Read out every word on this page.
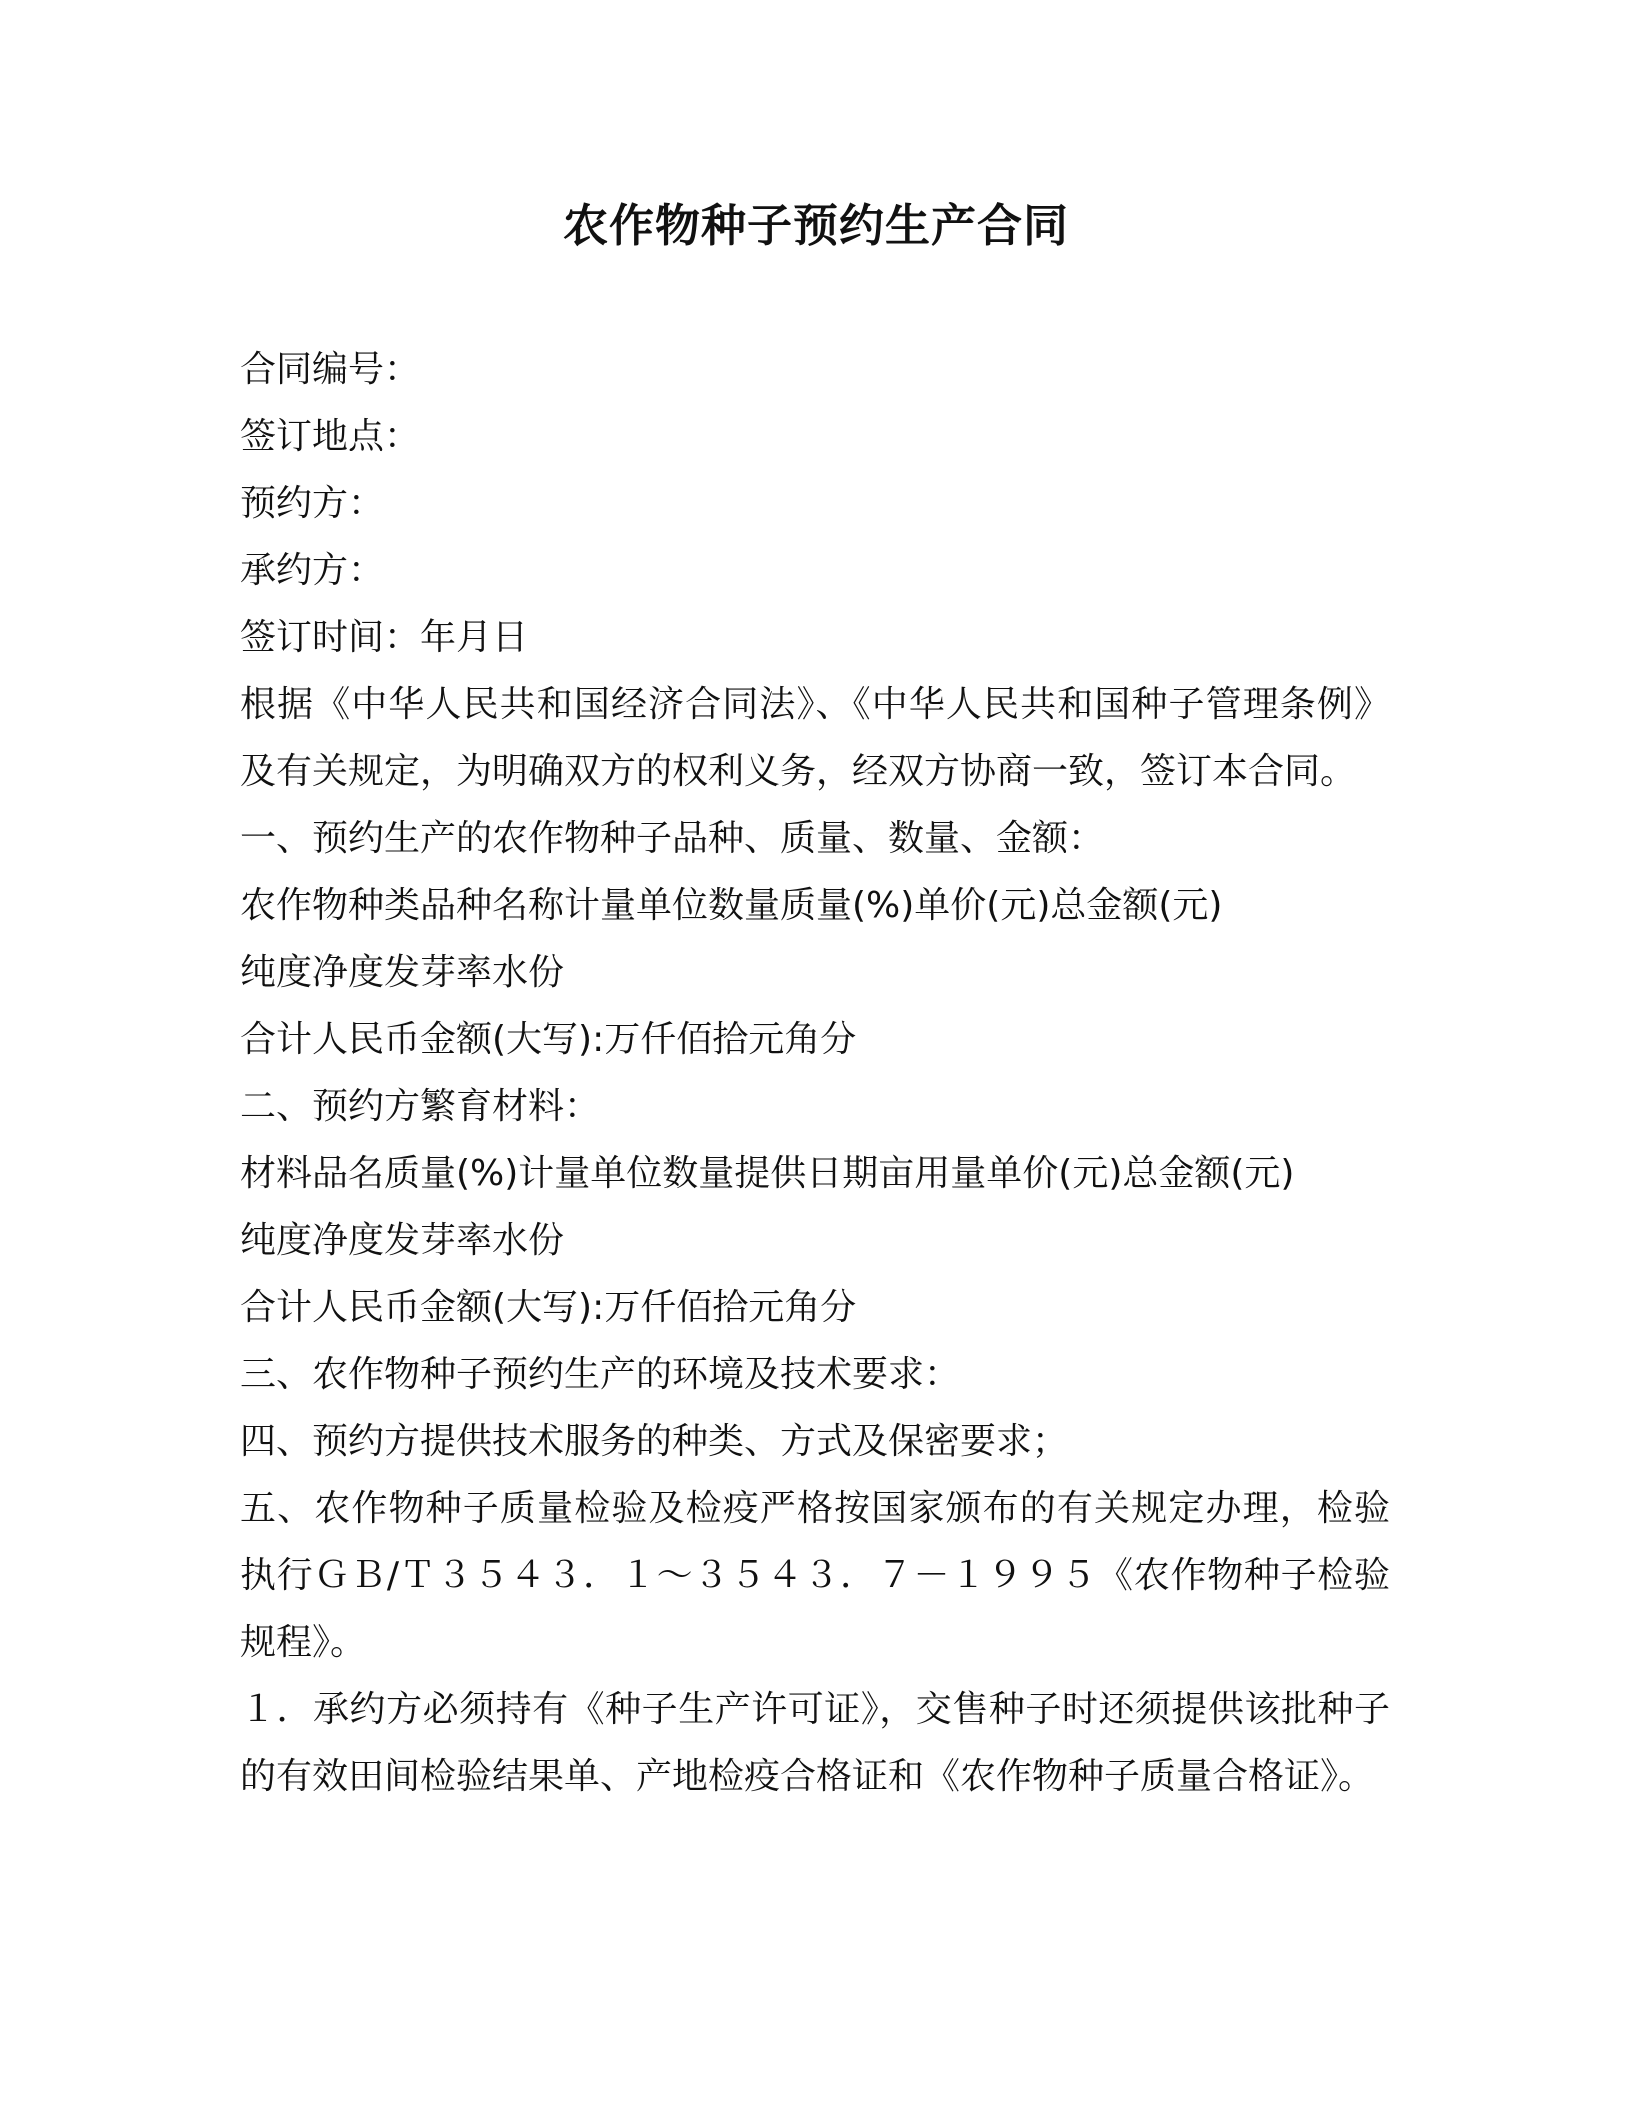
农作物种子预约生产合同
合同编号：
签订地点：
预约方：
承约方：
签订时间：年月日
根据《中华人民共和国经济合同法》、《中华人民共和国种子管理条例》及有关规定，为明确双方的权利义务，经双方协商一致，签订本合同。
一、预约生产的农作物种子品种、质量、数量、金额：
农作物种类品种名称计量单位数量质量(%)单价(元)总金额(元)
纯度净度发芽率水份
合计人民币金额(大写):万仟佰拾元角分
二、预约方繁育材料：
材料品名质量(%)计量单位数量提供日期亩用量单价(元)总金额(元)
纯度净度发芽率水份
合计人民币金额(大写):万仟佰拾元角分
三、农作物种子预约生产的环境及技术要求：
四、预约方提供技术服务的种类、方式及保密要求；
五、农作物种子质量检验及检疫严格按国家颁布的有关规定办理，检验执行ＧＢ/Ｔ３５４３．１～３５４３．７－１９９５《农作物种子检验规程》。
１．承约方必须持有《种子生产许可证》，交售种子时还须提供该批种子的有效田间检验结果单、产地检疫合格证和《农作物种子质量合格证》。
